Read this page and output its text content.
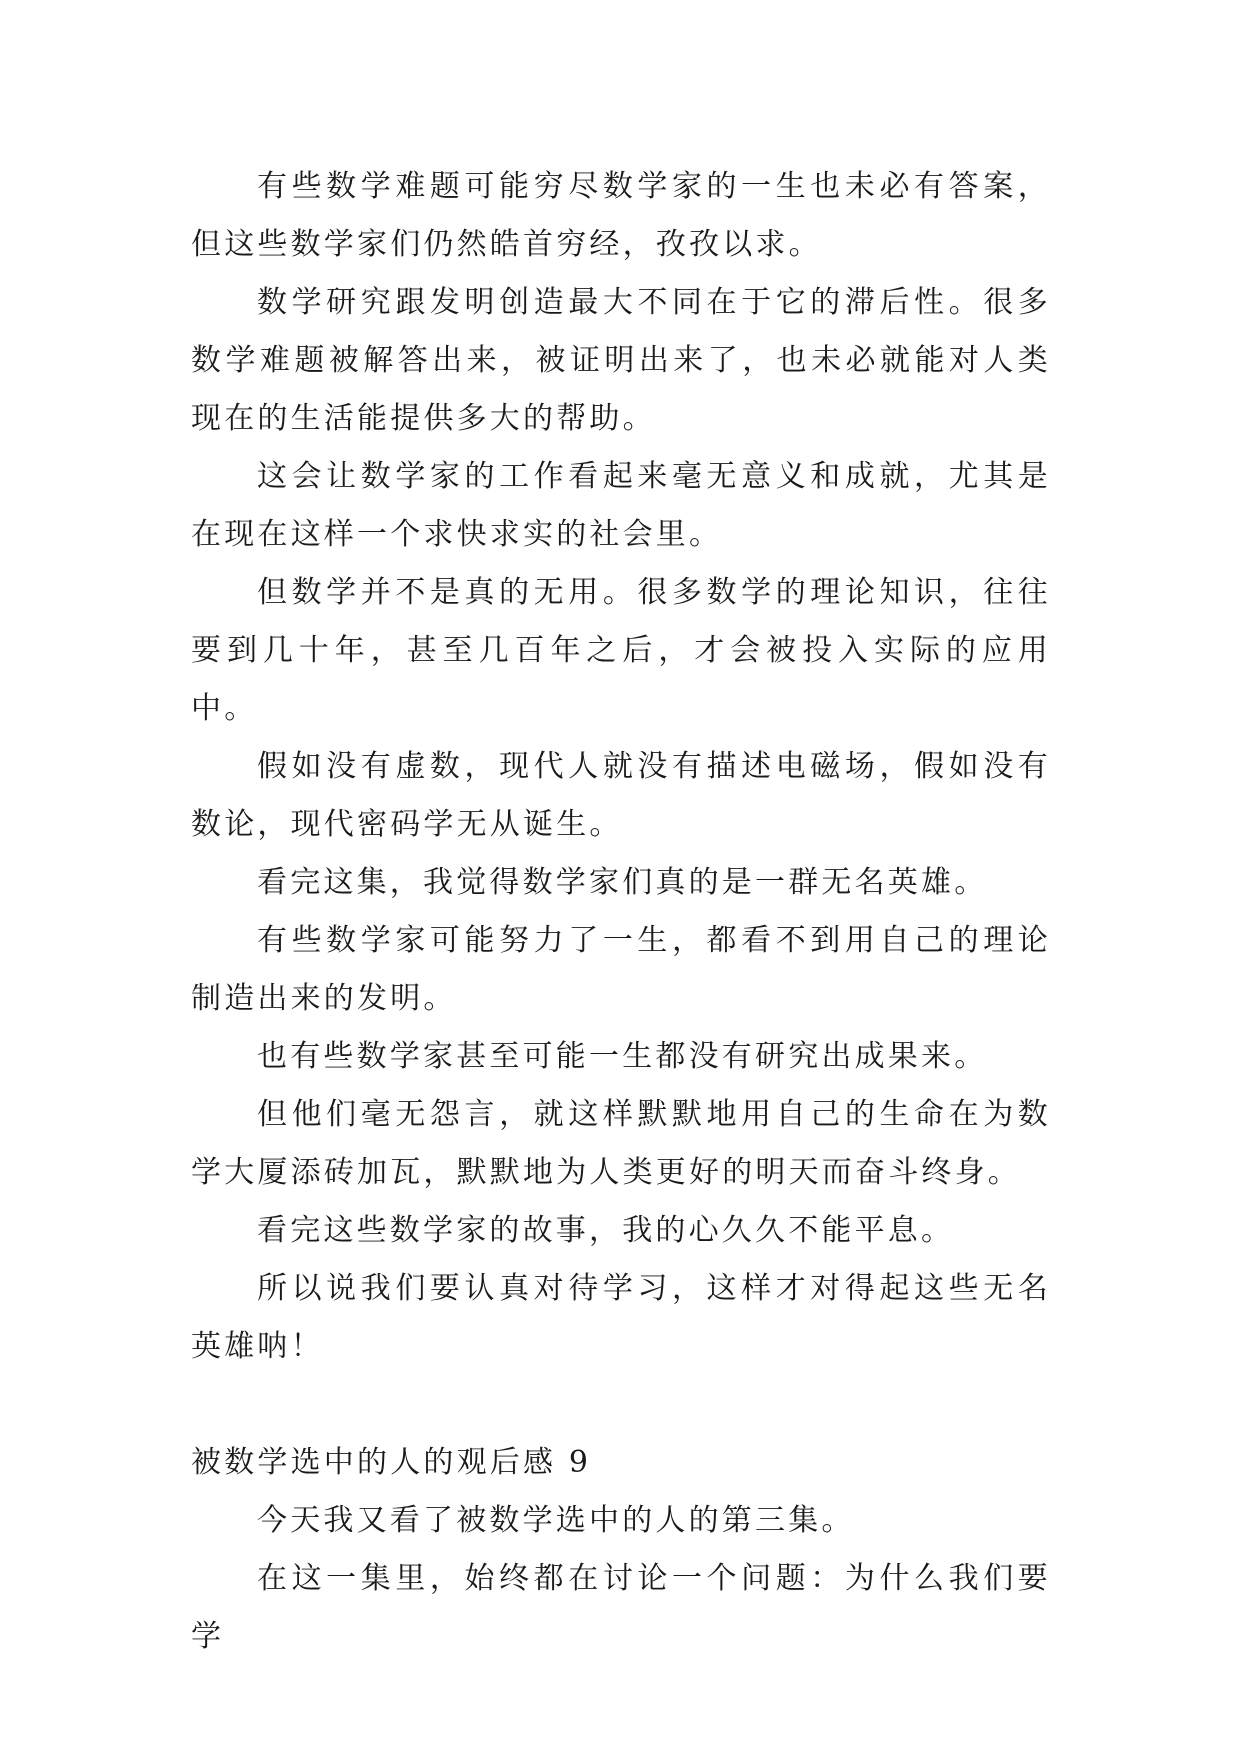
有些数学难题可能穷尽数学家的一生也未必有答案，但这些数学家们仍然皓首穷经，孜孜以求。

数学研究跟发明创造最大不同在于它的滞后性。很多数学难题被解答出来，被证明出来了，也未必就能对人类现在的生活能提供多大的帮助。

这会让数学家的工作看起来毫无意义和成就，尤其是在现在这样一个求快求实的社会里。

但数学并不是真的无用。很多数学的理论知识，往往要到几十年，甚至几百年之后，才会被投入实际的应用中。

假如没有虚数，现代人就没有描述电磁场，假如没有数论，现代密码学无从诞生。

看完这集，我觉得数学家们真的是一群无名英雄。

有些数学家可能努力了一生，都看不到用自己的理论制造出来的发明。

也有些数学家甚至可能一生都没有研究出成果来。

但他们毫无怨言，就这样默默地用自己的生命在为数学大厦添砖加瓦，默默地为人类更好的明天而奋斗终身。

看完这些数学家的故事，我的心久久不能平息。

所以说我们要认真对待学习，这样才对得起这些无名英雄呐！

被数学选中的人的观后感 9

今天我又看了被数学选中的人的第三集。

在这一集里，始终都在讨论一个问题：为什么我们要学
